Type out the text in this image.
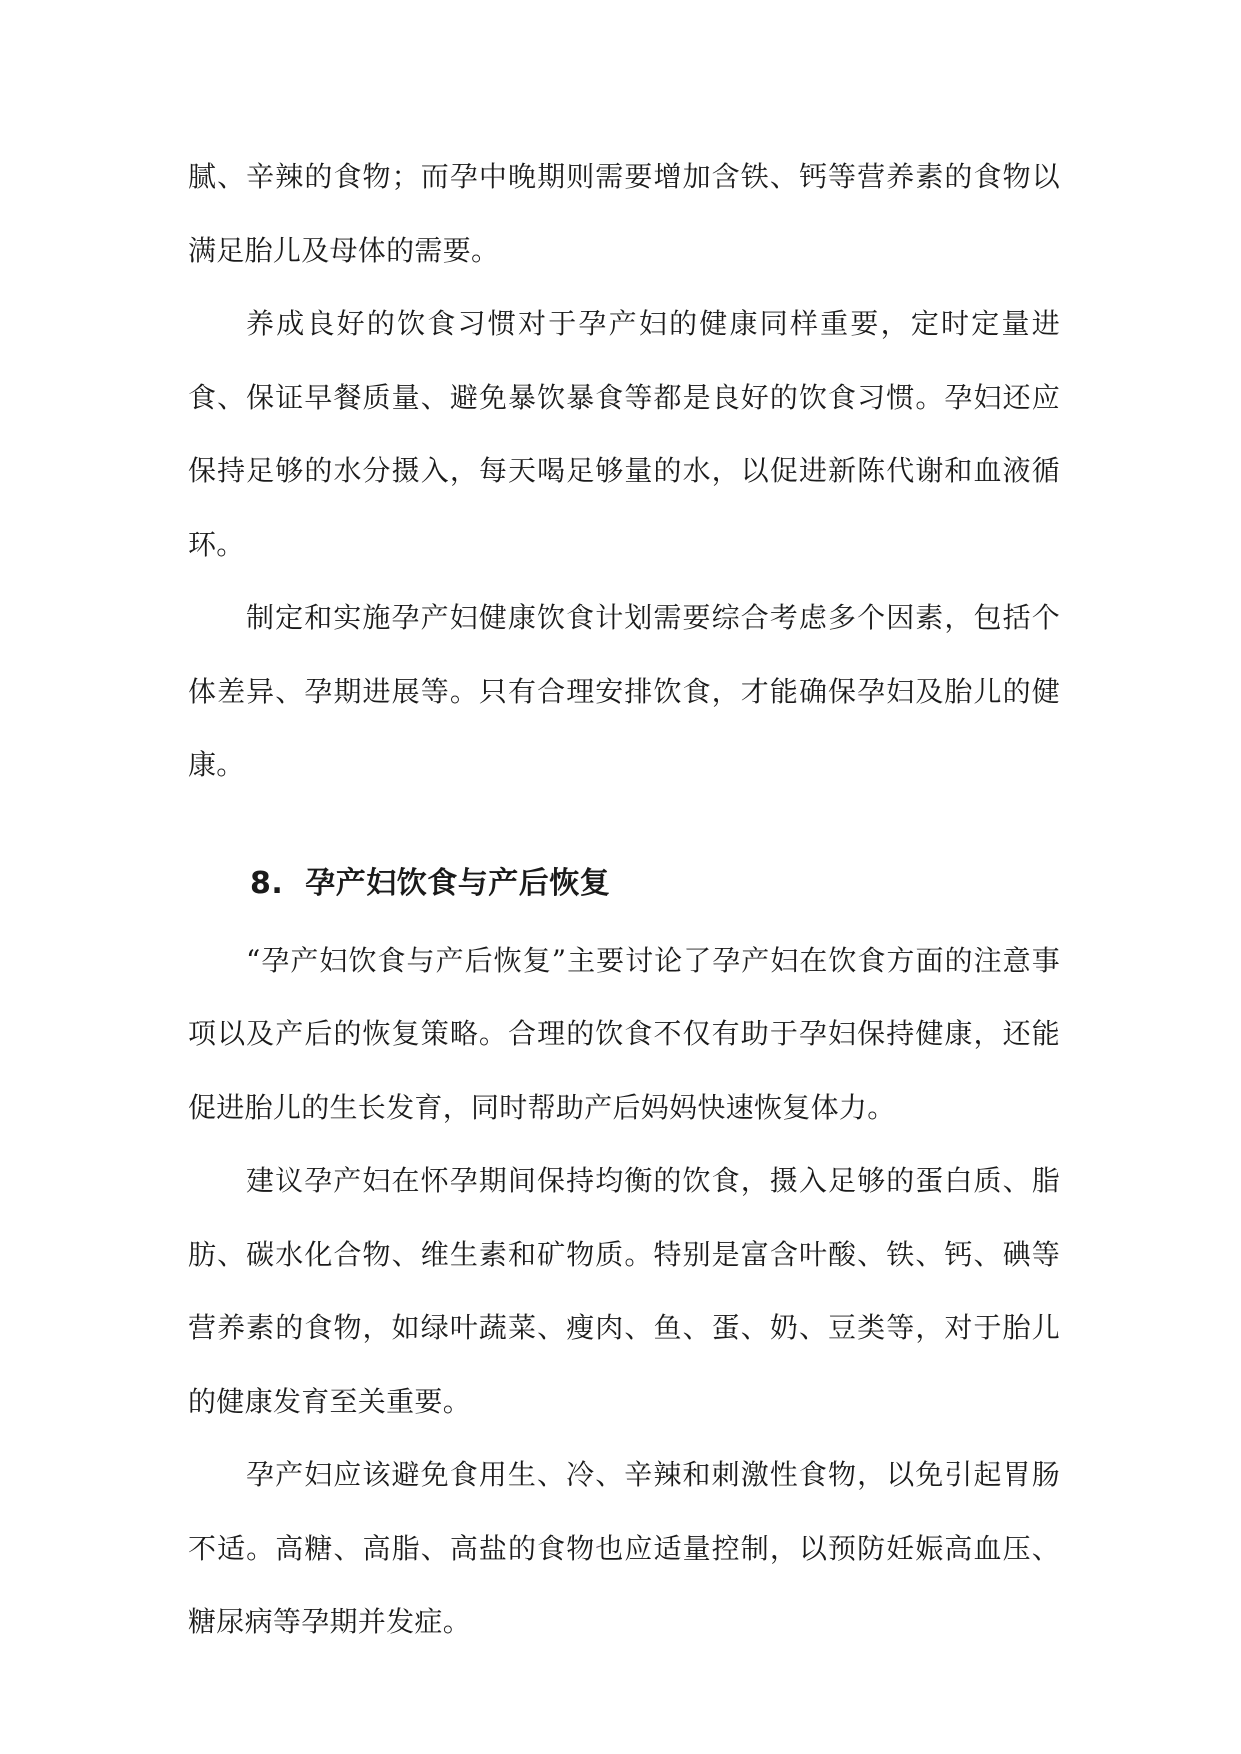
腻、辛辣的食物；而孕中晚期则需要增加含铁、钙等营养素的食物以满足胎儿及母体的需要。

养成良好的饮食习惯对于孕产妇的健康同样重要，定时定量进食、保证早餐质量、避免暴饮暴食等都是良好的饮食习惯。孕妇还应保持足够的水分摄入，每天喝足够量的水，以促进新陈代谢和血液循环。

制定和实施孕产妇健康饮食计划需要综合考虑多个因素，包括个体差异、孕期进展等。只有合理安排饮食，才能确保孕妇及胎儿的健康。

8. 孕产妇饮食与产后恢复

“孕产妇饮食与产后恢复”主要讨论了孕产妇在饮食方面的注意事项以及产后的恢复策略。合理的饮食不仅有助于孕妇保持健康，还能促进胎儿的生长发育，同时帮助产后妈妈快速恢复体力。

建议孕产妇在怀孕期间保持均衡的饮食，摄入足够的蛋白质、脂肪、碳水化合物、维生素和矿物质。特别是富含叶酸、铁、钙、碘等营养素的食物，如绿叶蔬菜、瘦肉、鱼、蛋、奶、豆类等，对于胎儿的健康发育至关重要。

孕产妇应该避免食用生、冷、辛辣和刺激性食物，以免引起胃肠不适。高糖、高脂、高盐的食物也应适量控制，以预防妊娠高血压、糖尿病等孕期并发症。
